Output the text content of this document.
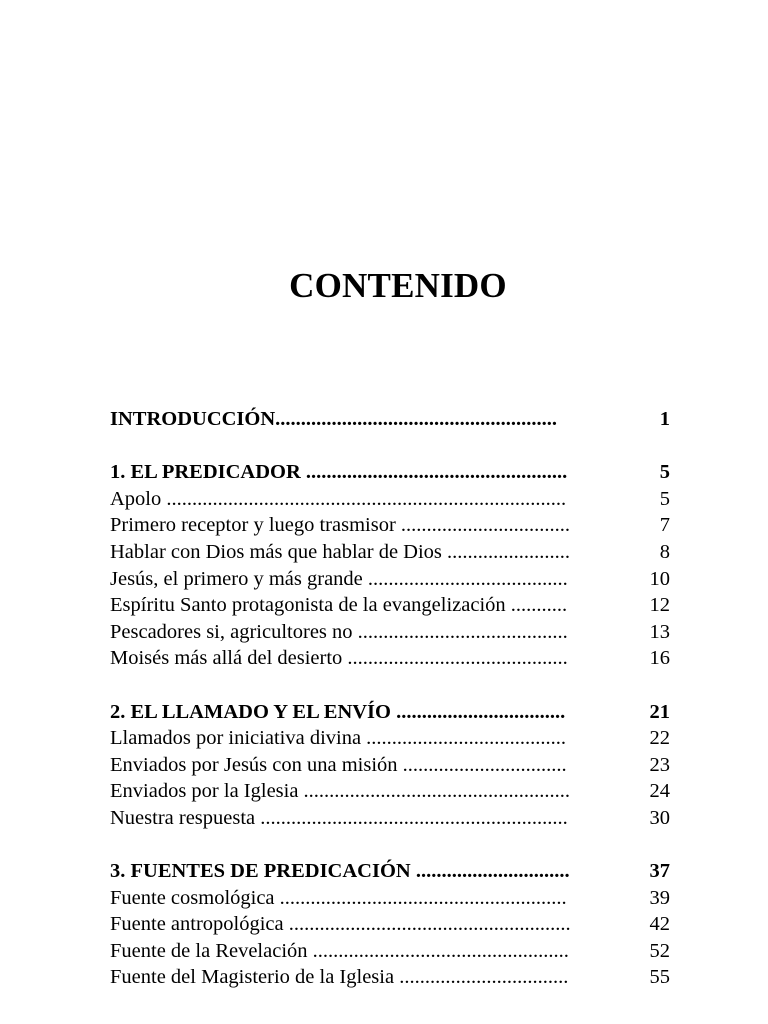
CONTENIDO
INTRODUCCIÓN.......................................................	1
1. EL PREDICADOR ...................................................	5
Apolo ..............................................................................	5
Primero receptor y luego trasmisor .................................	7
Hablar con Dios más que hablar de Dios ........................	8
Jesús, el primero y más grande .......................................	10
Espíritu Santo protagonista de la evangelización ...........	12
Pescadores si, agricultores no .........................................	13
Moisés más allá del desierto ...........................................	16
2. EL LLAMADO Y EL ENVÍO .................................	21
Llamados por iniciativa divina .......................................	22
Enviados por Jesús con una misión ................................	23
Enviados por la Iglesia ....................................................	24
Nuestra respuesta ............................................................	30
3. FUENTES DE PREDICACIÓN ..............................	37
Fuente cosmológica ........................................................	39
Fuente antropológica .......................................................	42
Fuente de la Revelación ..................................................	52
Fuente del Magisterio de la Iglesia .................................	55
